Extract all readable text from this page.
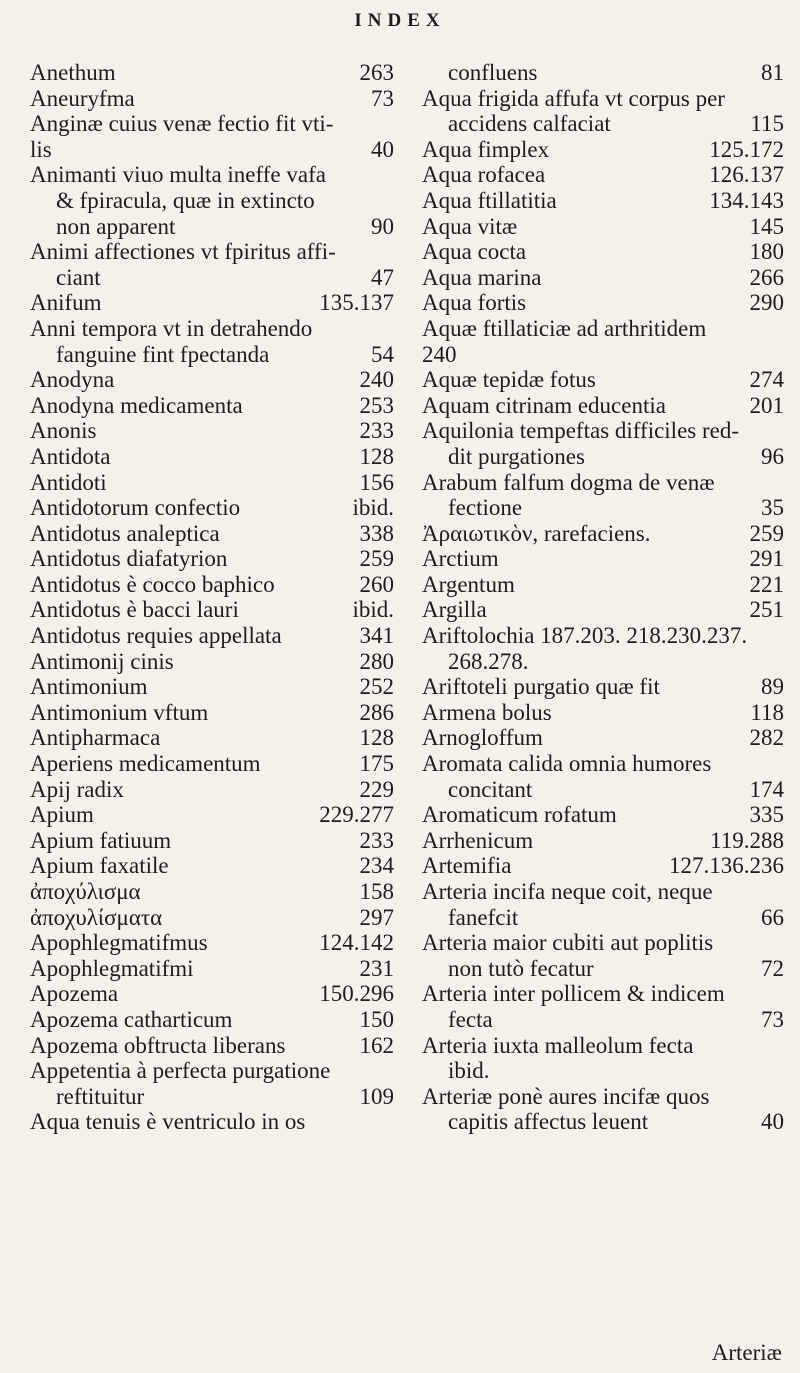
INDEX
Anethum	263
Aneuryfma	73
Anginæ cuius venæ fectio fit vti-
lis	40
Animanti viuo multa ineffe vafa
& fpiracula, quæ in extincto
non apparent	90
Animi affectiones vt fpiritus affi-
ciant	47
Anifum	135.137
Anni tempora vt in detrahendo
fanguine fint fpectanda	54
Anodyna	240
Anodyna medicamenta	253
Anonis	233
Antidota	128
Antidoti	156
Antidotorum confectio	ibid.
Antidotus analeptica	338
Antidotus diafatyrion	259
Antidotus è cocco baphico	260
Antidotus è bacci lauri	ibid.
Antidotus requies appellata	341
Antimonij cinis	280
Antimonium	252
Antimonium vftum	286
Antipharmaca	128
Aperiens medicamentum	175
Apij radix	229
Apium	229.277
Apium fatiuum	233
Apium faxatile	234
ἀποχύλισμα	158
ἀποχυλίσματα	297
Apophlegmatifmus	124.142
Apophlegmatifmi	231
Apozema	150.296
Apozema catharticum	150
Apozema obftructa liberans	162
Appetentia à perfecta purgatione
reftituitur	109
Aqua tenuis è ventriculo in os
confluens	81
Aqua frigida affufa vt corpus per
accidens calfaciat	115
Aqua fimplex	125.172
Aqua rofacea	126.137
Aqua ftillatitia	134.143
Aqua vitæ	145
Aqua cocta	180
Aqua marina	266
Aqua fortis	290
Aquæ ftillaticiæ ad arthritidem
240
Aquæ tepidæ fotus	274
Aquam citrinam educentia	201
Aquilonia tempeftas difficiles red-
dit purgationes	96
Arabum falfum dogma de venæ
fectione	35
Ἀραιωτικὸν, rarefaciens.	259
Arctium	291
Argentum	221
Argilla	251
Ariftolochia 187.203. 218.230.237.
268.278.
Ariftoteli purgatio quæ fit	89
Armena bolus	118
Arnogloffum	282
Aromata calida omnia humores
concitant	174
Aromaticum rofatum	335
Arrhenicum	119.288
Artemifia	127.136.236
Arteria incifa neque coit, neque
fanefcit	66
Arteria maior cubiti aut poplitis
non tutò fecatur	72
Arteria inter pollicem & indicem
fecta	73
Arteria iuxta malleolum fecta
ibid.
Arteriæ ponè aures incifæ quos
capitis affectus leuent	40
Arteriæ
